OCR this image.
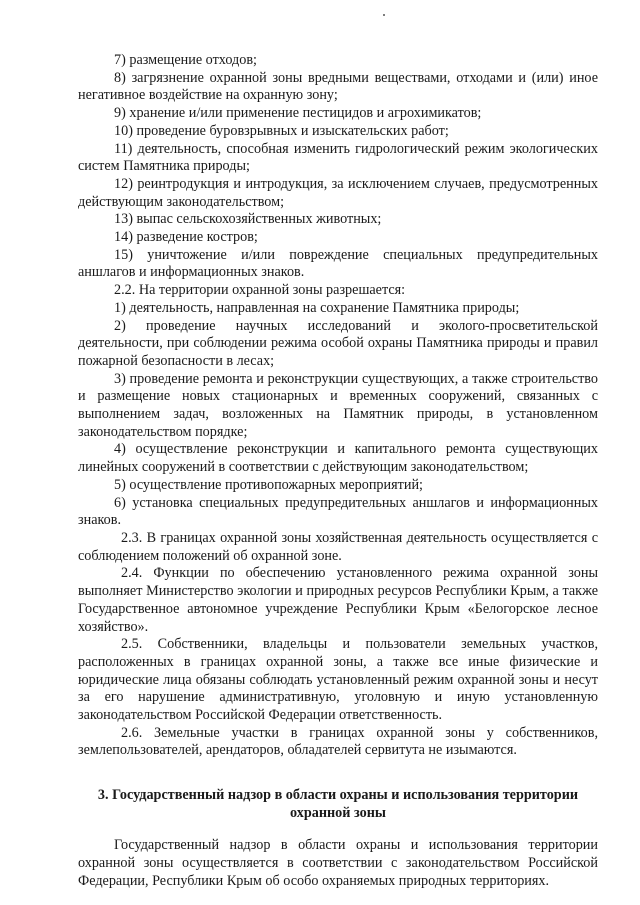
7) размещение отходов;

8) загрязнение охранной зоны вредными веществами, отходами и (или) иное негативное воздействие на охранную зону;

9) хранение и/или применение пестицидов и агрохимикатов;

10) проведение буровзрывных и изыскательских работ;

11) деятельность, способная изменить гидрологический режим экологических систем Памятника природы;

12) реинтродукция и интродукция, за исключением случаев, предусмотренных действующим законодательством;

13) выпас сельскохозяйственных животных;

14) разведение костров;

15) уничтожение и/или повреждение специальных предупредительных аншлагов и информационных знаков.

2.2. На территории охранной зоны разрешается:

1) деятельность, направленная на сохранение Памятника природы;

2) проведение научных исследований и эколого-просветительской деятельности, при соблюдении режима особой охраны Памятника природы и правил пожарной безопасности в лесах;

3) проведение ремонта и реконструкции существующих, а также строительство и размещение новых стационарных и временных сооружений, связанных с выполнением задач, возложенных на Памятник природы, в установленном законодательством порядке;

4) осуществление реконструкции и капитального ремонта существующих линейных сооружений в соответствии с действующим законодательством;

5) осуществление противопожарных мероприятий;

6) установка специальных предупредительных аншлагов и информационных знаков.

2.3. В границах охранной зоны хозяйственная деятельность осуществляется с соблюдением положений об охранной зоне.

2.4. Функции по обеспечению установленного режима охранной зоны выполняет Министерство экологии и природных ресурсов Республики Крым, а также Государственное автономное учреждение Республики Крым «Белогорское лесное хозяйство».

2.5. Собственники, владельцы и пользователи земельных участков, расположенных в границах охранной зоны, а также все иные физические и юридические лица обязаны соблюдать установленный режим охранной зоны и несут за его нарушение административную, уголовную и иную установленную законодательством Российской Федерации ответственность.

2.6. Земельные участки в границах охранной зоны у собственников, землепользователей, арендаторов, обладателей сервитута не изымаются.

3. Государственный надзор в области охраны и использования территории охранной зоны

Государственный надзор в области охраны и использования территории охранной зоны осуществляется в соответствии с законодательством Российской Федерации, Республики Крым об особо охраняемых природных территориях.
